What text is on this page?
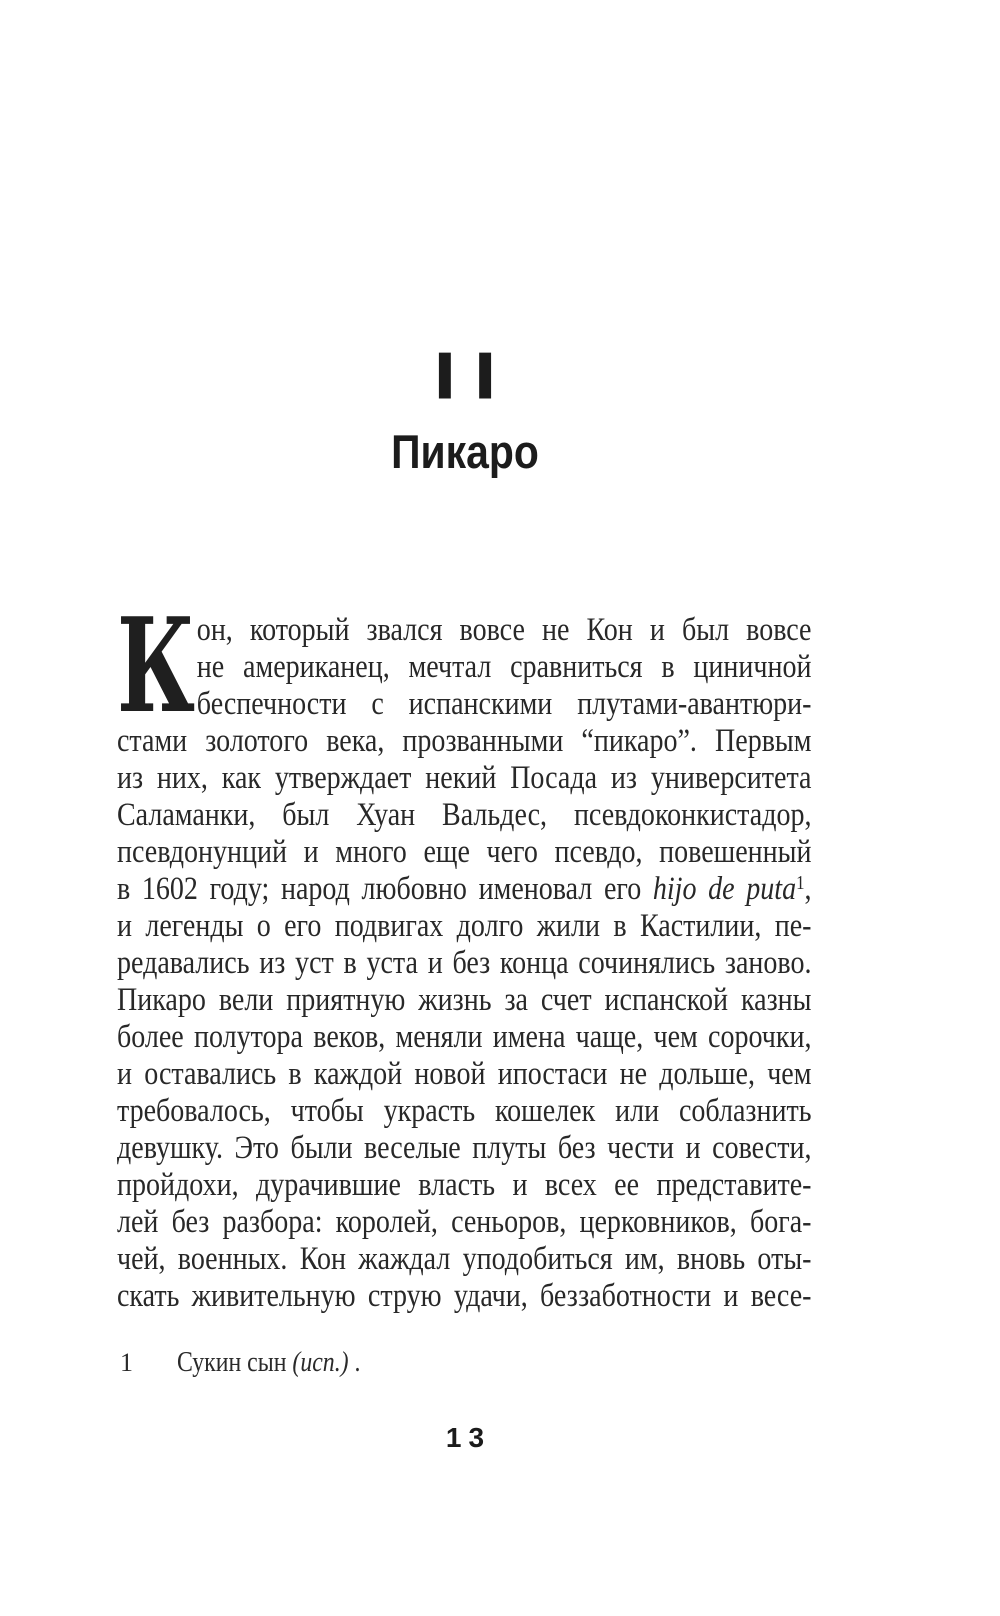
II
Пикаро
К он, который звался вовсе не Кон и был вовсе
не американец, мечтал сравниться в циничной
беспечности с испанскими плутами-авантюри-
стами золотого века, прозванными “пикаро”. Первым
из них, как утверждает некий Посада из университета
Саламанки, был Хуан Вальдес, псевдоконкистадор,
псевдонунций и много еще чего псевдо, повешенный
в 1602 году; народ любовно именовал его hijo de puta$^1$,
и легенды о его подвигах долго жили в Кастилии, пе-
редавались из уст в уста и без конца сочинялись заново.
Пикаро вели приятную жизнь за счет испанской казны
более полутора веков, меняли имена чаще, чем сорочки,
и оставались в каждой новой ипостаси не дольше, чем
требовалось, чтобы украсть кошелек или соблазнить
девушку. Это были веселые плуты без чести и совести,
пройдохи, дурачившие власть и всех ее представите-
лей без разбора: королей, сеньоров, церковников, бога-
чей, военных. Кон жаждал уподобиться им, вновь оты-
скать живительную струю удачи, беззаботности и весе-
1	Сукин сын (исп.) .
13
